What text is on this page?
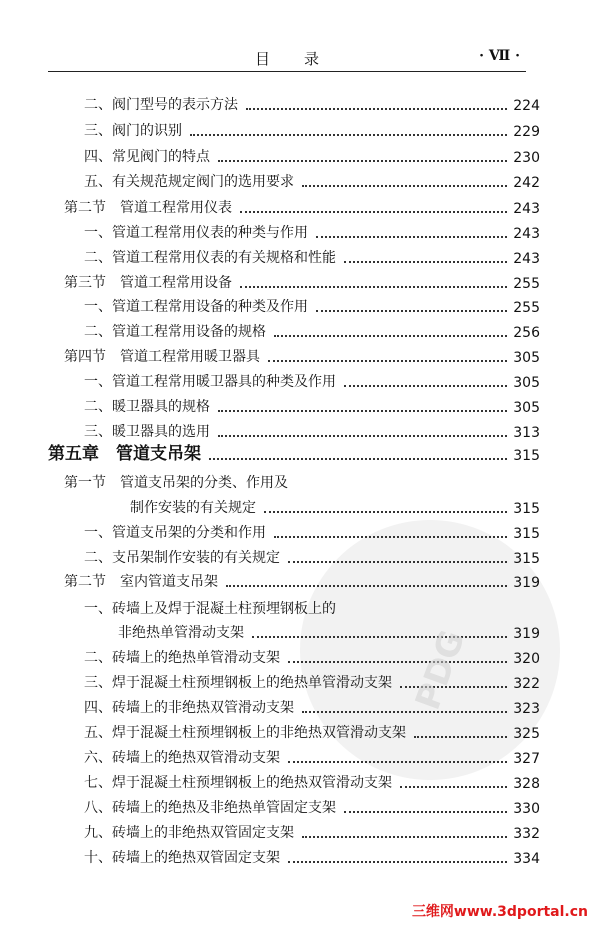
目录	· Ⅶ ·
二、阀门型号的表示方法	224
三、阀门的识别	229
四、常见阀门的特点	230
五、有关规范规定阀门的选用要求	242
第二节　管道工程常用仪表	243
一、管道工程常用仪表的种类与作用	243
二、管道工程常用仪表的有关规格和性能	243
第三节　管道工程常用设备	255
一、管道工程常用设备的种类及作用	255
二、管道工程常用设备的规格	256
第四节　管道工程常用暖卫器具	305
一、管道工程常用暖卫器具的种类及作用	305
二、暖卫器具的规格	305
三、暖卫器具的选用	313
第五章　管道支吊架	315
第一节　管道支吊架的分类、作用及
制作安装的有关规定	315
一、管道支吊架的分类和作用	315
二、支吊架制作安装的有关规定	315
第二节　室内管道支吊架	319
一、砖墙上及焊于混凝土柱预埋钢板上的
非绝热单管滑动支架	319
二、砖墙上的绝热单管滑动支架	320
三、焊于混凝土柱预埋钢板上的绝热单管滑动支架	322
四、砖墙上的非绝热双管滑动支架	323
五、焊于混凝土柱预埋钢板上的非绝热双管滑动支架	325
六、砖墙上的绝热双管滑动支架	327
七、焊于混凝土柱预埋钢板上的绝热双管滑动支架	328
八、砖墙上的绝热及非绝热单管固定支架	330
九、砖墙上的非绝热双管固定支架	332
十、砖墙上的绝热双管固定支架	334
PDG
三维网www.3dportal.cn
